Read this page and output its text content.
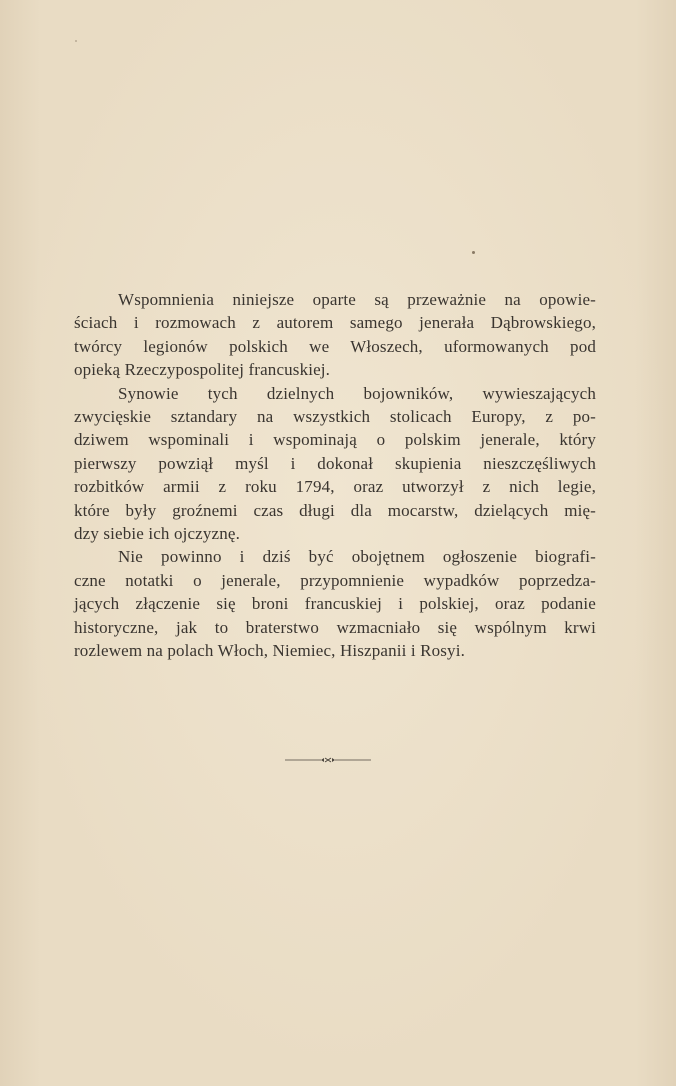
Wspomnienia niniejsze oparte są przeważnie na opowie-
ściach i rozmowach z autorem samego jenerała Dąbrowskiego,
twórcy legionów polskich we Włoszech, uformowanych pod
opieką Rzeczypospolitej francuskiej.

Synowie tych dzielnych bojowników, wywieszających
zwycięskie sztandary na wszystkich stolicach Europy, z po-
dziwem wspominali i wspominają o polskim jenerale, który
pierwszy powziął myśl i dokonał skupienia nieszczęśliwych
rozbitków armii z roku 1794, oraz utworzył z nich legie,
które były groźnemi czas długi dla mocarstw, dzielących mię-
dzy siebie ich ojczyznę.

Nie powinno i dziś być obojętnem ogłoszenie biografi-
czne notatki o jenerale, przypomnienie wypadków poprzedza-
jących złączenie się broni francuskiej i polskiej, oraz podanie
historyczne, jak to braterstwo wzmacniało się wspólnym krwi
rozlewem na polach Włoch, Niemiec, Hiszpanii i Rosyi.
